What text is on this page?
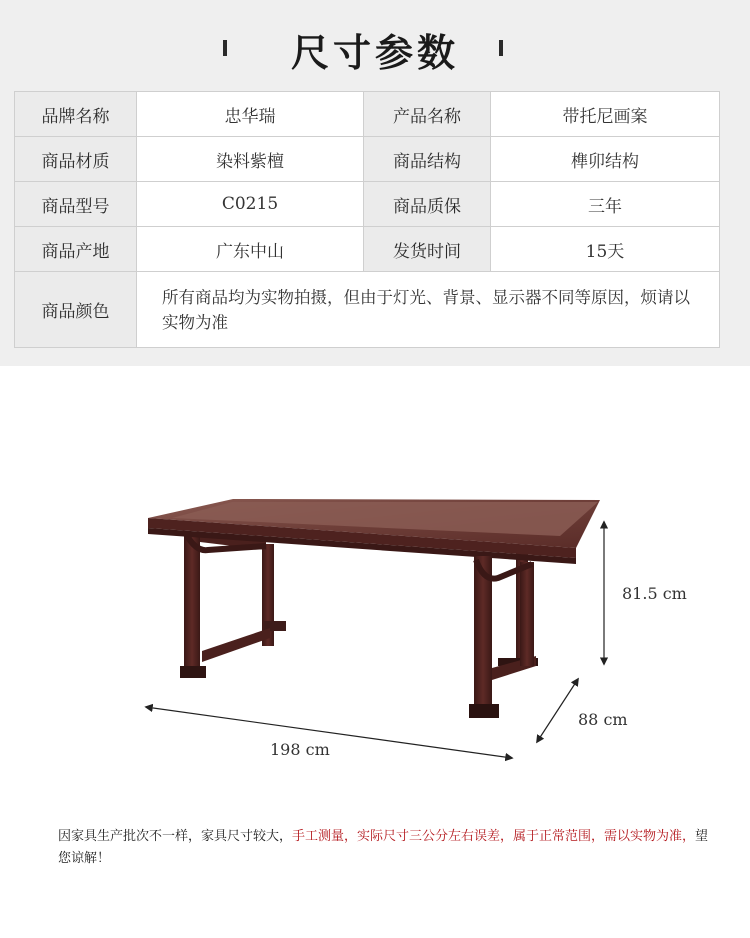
尺寸参数
品牌名称	忠华瑞	产品名称	带托尼画案
商品材质	染料紫檀	商品结构	榫卯结构
商品型号	C0215	商品质保	三年
商品产地	广东中山	发货时间	15天
商品颜色	所有商品均为实物拍摄，但由于灯光、背景、显示器不同等原因，烦请以实物为准		
81.5 cm
88 cm
198 cm
因家具生产批次不一样，家具尺寸较大，手工测量，实际尺寸三公分左右误差，属于正常范围，需以实物为准，望您谅解！
